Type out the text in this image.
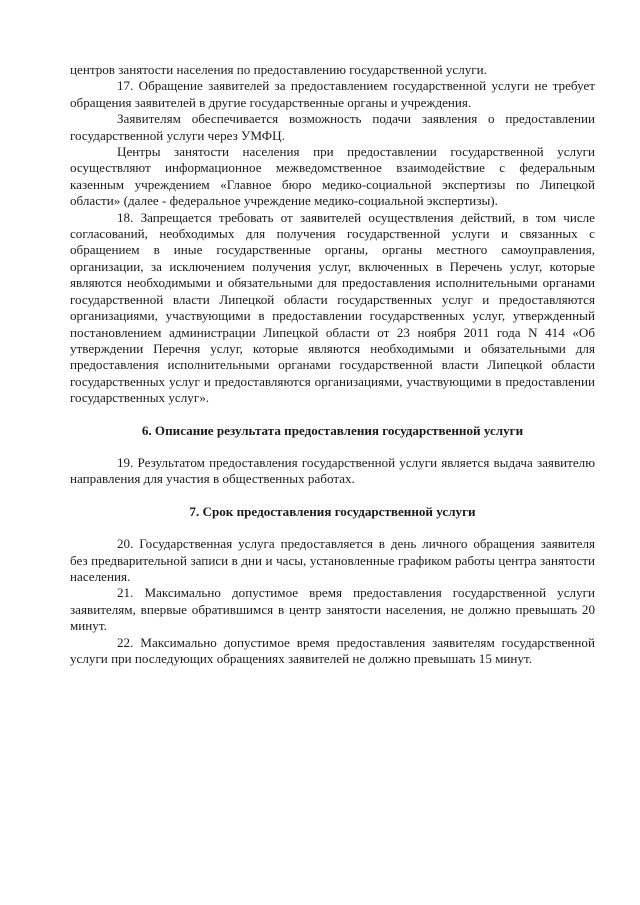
центров занятости населения по предоставлению государственной услуги.

17. Обращение заявителей за предоставлением государственной услуги не требует обращения заявителей в другие государственные органы и учреждения.

Заявителям обеспечивается возможность подачи заявления о предоставлении государственной услуги через УМФЦ.

Центры занятости населения при предоставлении государственной услуги осуществляют информационное межведомственное взаимодействие с федеральным казенным учреждением «Главное бюро медико-социальной экспертизы по Липецкой области» (далее - федеральное учреждение медико-социальной экспертизы).

18. Запрещается требовать от заявителей осуществления действий, в том числе согласований, необходимых для получения государственной услуги и связанных с обращением в иные государственные органы, органы местного самоуправления, организации, за исключением получения услуг, включенных в Перечень услуг, которые являются необходимыми и обязательными для предоставления исполнительными органами государственной власти Липецкой области государственных услуг и предоставляются организациями, участвующими в предоставлении государственных услуг, утвержденный постановлением администрации Липецкой области от 23 ноября 2011 года N 414 «Об утверждении Перечня услуг, которые являются необходимыми и обязательными для предоставления исполнительными органами государственной власти Липецкой области государственных услуг и предоставляются организациями, участвующими в предоставлении государственных услуг».

6. Описание результата предоставления государственной услуги

19. Результатом предоставления государственной услуги является выдача заявителю направления для участия в общественных работах.

7. Срок предоставления государственной услуги

20. Государственная услуга предоставляется в день личного обращения заявителя без предварительной записи в дни и часы, установленные графиком работы центра занятости населения.

21. Максимально допустимое время предоставления государственной услуги заявителям, впервые обратившимся в центр занятости населения, не должно превышать 20 минут.

22. Максимально допустимое время предоставления заявителям государственной услуги при последующих обращениях заявителей не должно превышать 15 минут.
